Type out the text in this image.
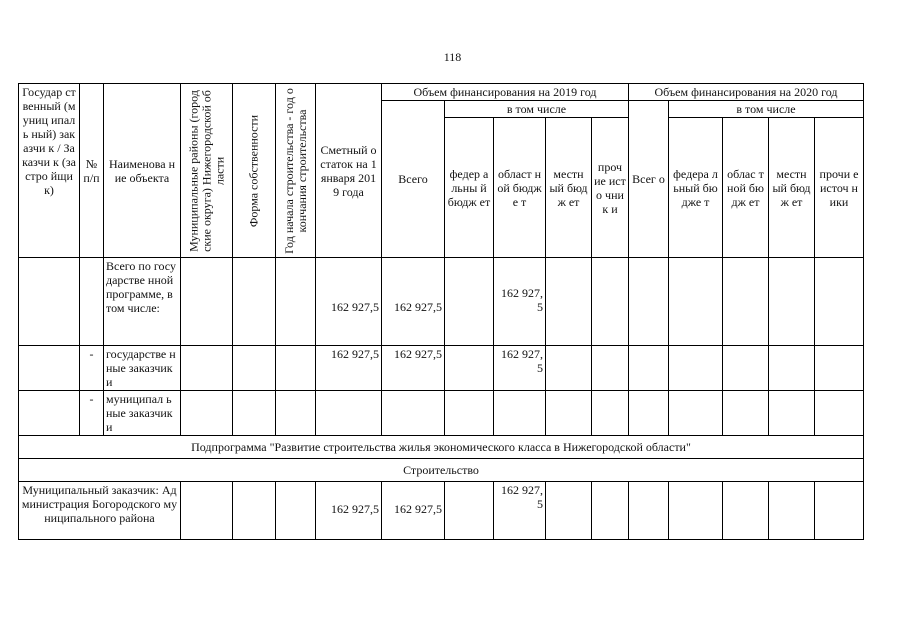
118
Государ ст венный (муниц ипаль ный) заказчи к / Заказчи к (застро йщик)	№ п/п	Наименова ние объекта	Муниципальные районы (городские округа) Нижегородской области	Форма собственности	Год начала строительства - год окончания строительства	Сметный остаток на 1 января 2019 года	Объем финансирования на 2019 год					Объем финансирования на 2020 год				
							Всего	в том числе				Всег о	в том числе			
								федер альны й бюдж ет	област ной бюдже т	местн ый бюдж ет	проч ие исто чник и		федера льный бюдже т	облас тной бюдж ет	местн ый бюдж ет	прочи е источ ники
		Всего по государстве нной программе, в том числе:				162 927,5	162 927,5		162 927,5							
	-	государстве нные заказчики				162 927,5	162 927,5		162 927,5							
	-	муниципал ьные заказчики														
Подпрограмма "Развитие строительства жилья экономического класса в Нижегородской области"																
Строительство																
Муниципальный заказчик: Администрация Богородского муниципального района						162 927,5	162 927,5		162 927,5							
